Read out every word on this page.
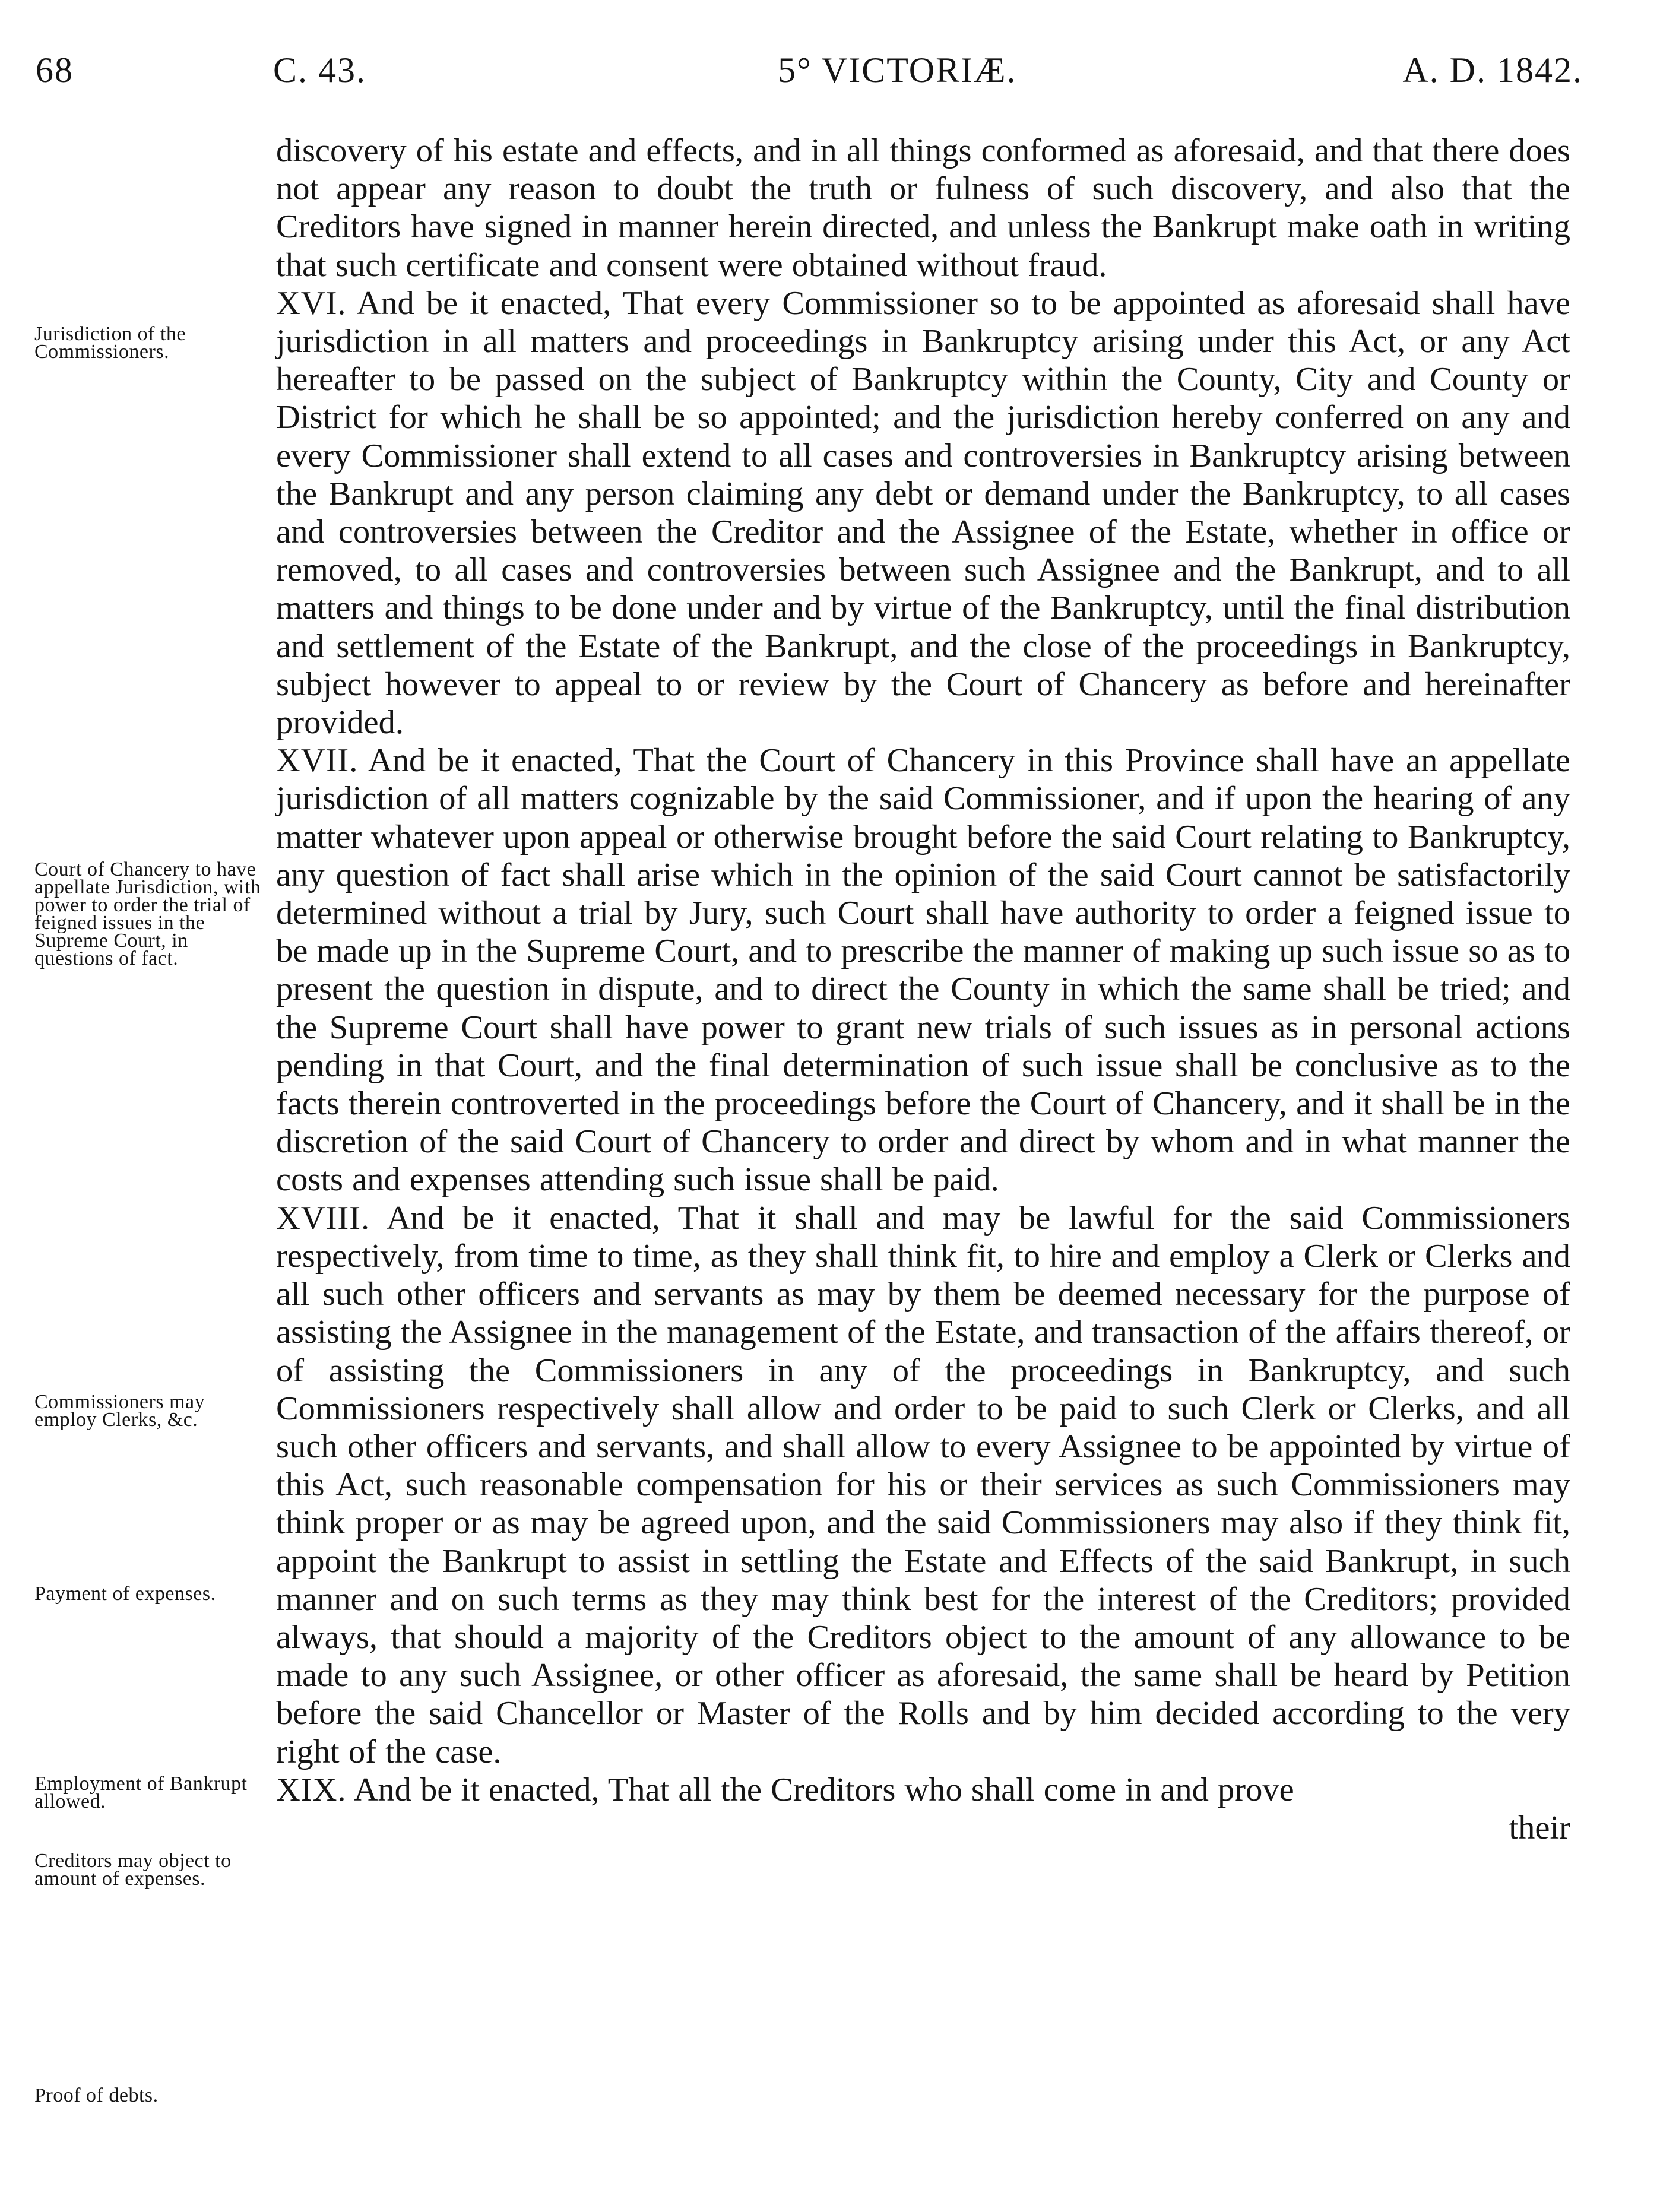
68	C. 43.	5° VICTORIÆ.	A. D. 1842.
Jurisdiction of the Commissioners.
Court of Chancery to have appellate Jurisdiction, with power to order the trial of feigned issues in the Supreme Court, in questions of fact.
Commissioners may employ Clerks, &c.
Payment of expenses.
Employment of Bankrupt allowed.
Creditors may object to amount of expenses.
Proof of debts.

discovery of his estate and effects, and in all things conformed as aforesaid, and that there does not appear any reason to doubt the truth or fulness of such discovery, and also that the Creditors have signed in manner herein directed, and unless the Bankrupt make oath in writing that such certificate and consent were obtained without fraud.

XVI. And be it enacted, That every Commissioner so to be appointed as aforesaid shall have jurisdiction in all matters and proceedings in Bankruptcy arising under this Act, or any Act hereafter to be passed on the subject of Bankruptcy within the County, City and County or District for which he shall be so appointed; and the jurisdiction hereby conferred on any and every Commissioner shall extend to all cases and controversies in Bankruptcy arising between the Bankrupt and any person claiming any debt or demand under the Bankruptcy, to all cases and controversies between the Creditor and the Assignee of the Estate, whether in office or removed, to all cases and controversies between such Assignee and the Bankrupt, and to all matters and things to be done under and by virtue of the Bankruptcy, until the final distribution and settlement of the Estate of the Bankrupt, and the close of the proceedings in Bankruptcy, subject however to appeal to or review by the Court of Chancery as before and hereinafter provided.

XVII. And be it enacted, That the Court of Chancery in this Province shall have an appellate jurisdiction of all matters cognizable by the said Commissioner, and if upon the hearing of any matter whatever upon appeal or otherwise brought before the said Court relating to Bankruptcy, any question of fact shall arise which in the opinion of the said Court cannot be satisfactorily determined without a trial by Jury, such Court shall have authority to order a feigned issue to be made up in the Supreme Court, and to prescribe the manner of making up such issue so as to present the question in dispute, and to direct the County in which the same shall be tried; and the Supreme Court shall have power to grant new trials of such issues as in personal actions pending in that Court, and the final determination of such issue shall be conclusive as to the facts therein controverted in the proceedings before the Court of Chancery, and it shall be in the discretion of the said Court of Chancery to order and direct by whom and in what manner the costs and expenses attending such issue shall be paid.

XVIII. And be it enacted, That it shall and may be lawful for the said Commissioners respectively, from time to time, as they shall think fit, to hire and employ a Clerk or Clerks and all such other officers and servants as may by them be deemed necessary for the purpose of assisting the Assignee in the management of the Estate, and transaction of the affairs thereof, or of assisting the Commissioners in any of the proceedings in Bankruptcy, and such Commissioners respectively shall allow and order to be paid to such Clerk or Clerks, and all such other officers and servants, and shall allow to every Assignee to be appointed by virtue of this Act, such reasonable compensation for his or their services as such Commissioners may think proper or as may be agreed upon, and the said Commissioners may also if they think fit, appoint the Bankrupt to assist in settling the Estate and Effects of the said Bankrupt, in such manner and on such terms as they may think best for the interest of the Creditors; provided always, that should a majority of the Creditors object to the amount of any allowance to be made to any such Assignee, or other officer as aforesaid, the same shall be heard by Petition before the said Chancellor or Master of the Rolls and by him decided according to the very right of the case.

XIX. And be it enacted, That all the Creditors who shall come in and prove

their
